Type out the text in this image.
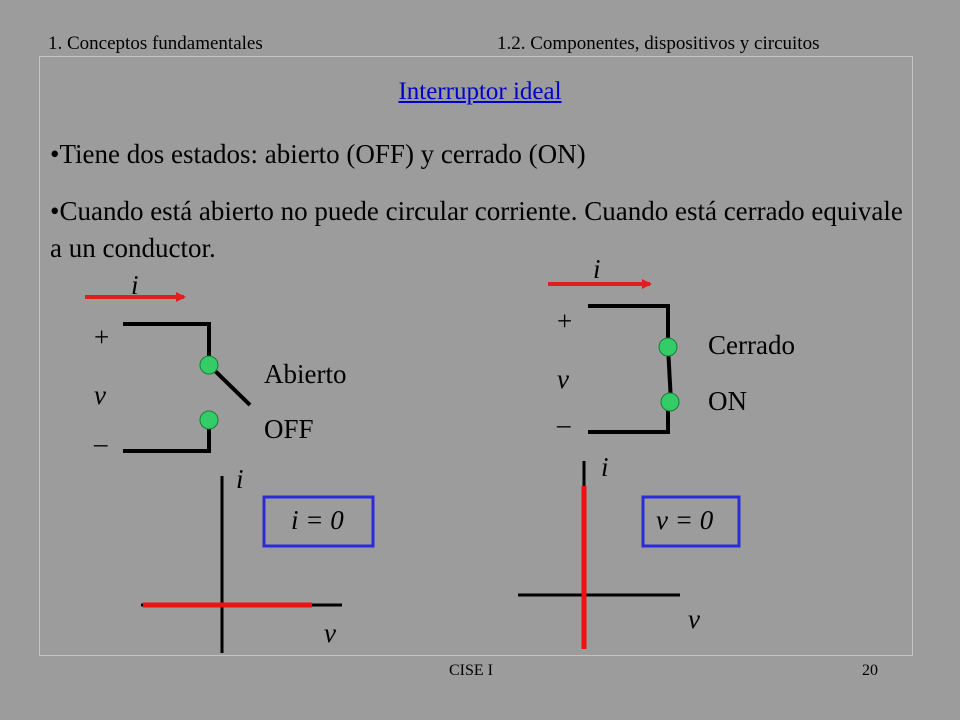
1. Conceptos fundamentales	1.2. Componentes, dispositivos y circuitos
Interruptor ideal
•Tiene dos estados: abierto (OFF) y cerrado (ON)
•Cuando está abierto no puede circular corriente. Cuando está cerrado equivale a un conductor.
i
+
v
–
Abierto
OFF
i
v
i = 0
i
+
v
–
Cerrado
ON
i
v
v = 0
CISE I	20
